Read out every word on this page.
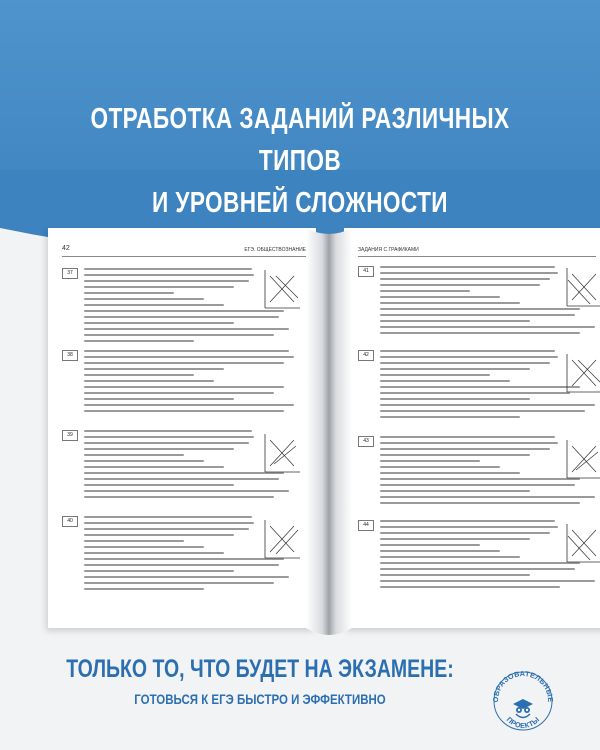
ОТРАБОТКА ЗАДАНИЙ РАЗЛИЧНЫХ ТИПОВ
И УРОВНЕЙ СЛОЖНОСТИ
42	ЕГЭ. ОБЩЕСТВОЗНАНИЕ
37
38
39
40
ЗАДАНИЯ С ГРАФИКАМИ
41
42
43
44
ТОЛЬКО ТО, ЧТО БУДЕТ НА ЭКЗАМЕНЕ:
ГОТОВЬСЯ К ЕГЭ БЫСТРО И ЭФФЕКТИВНО	БРАЗОВАТЕЛЬНЫ
ПРОЕКТЫ
